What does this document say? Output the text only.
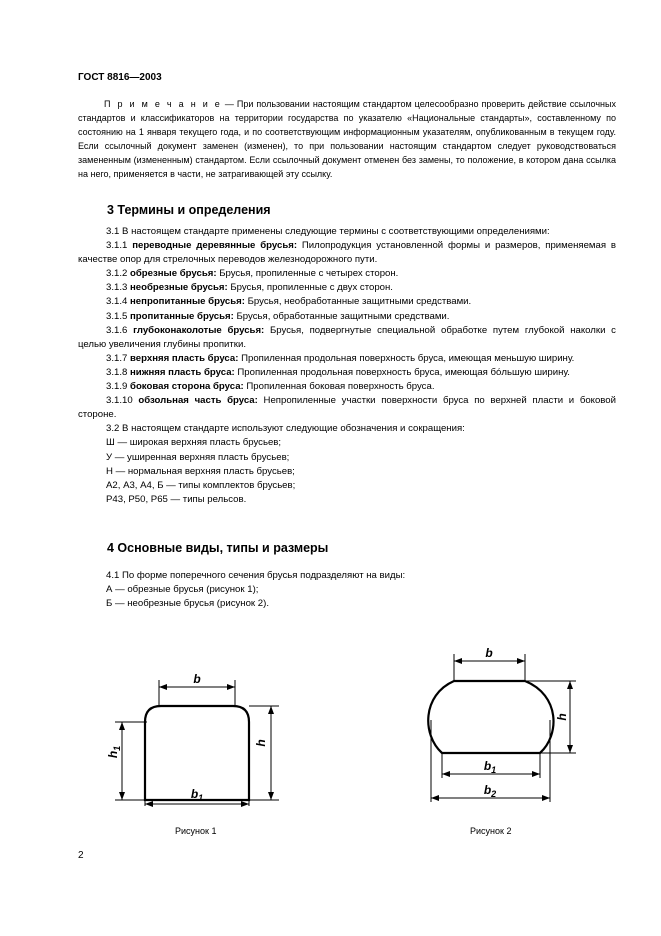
ГОСТ 8816—2003

П р и м е ч а н и е — При пользовании настоящим стандартом целесообразно проверить действие ссылочных стандартов и классификаторов на территории государства по указателю «Национальные стандарты», составленному по состоянию на 1 января текущего года, и по соответствующим информационным указателям, опубликованным в текущем году. Если ссылочный документ заменен (изменен), то при пользовании настоящим стандартом следует руководствоваться замененным (измененным) стандартом. Если ссылочный документ отменен без замены, то положение, в котором дана ссылка на него, применяется в части, не затрагивающей эту ссылку.

3 Термины и определения

3.1 В настоящем стандарте применены следующие термины с соответствующими определениями:

3.1.1 переводные деревянные брусья: Пилопродукция установленной формы и размеров, применяемая в качестве опор для стрелочных переводов железнодорожного пути.

3.1.2 обрезные брусья: Брусья, пропиленные с четырех сторон.

3.1.3 необрезные брусья: Брусья, пропиленные с двух сторон.

3.1.4 непропитанные брусья: Брусья, необработанные защитными средствами.

3.1.5 пропитанные брусья: Брусья, обработанные защитными средствами.

3.1.6 глубоконаколотые брусья: Брусья, подвергнутые специальной обработке путем глубокой наколки с целью увеличения глубины пропитки.

3.1.7 верхняя пласть бруса: Пропиленная продольная поверхность бруса, имеющая меньшую ширину.

3.1.8 нижняя пласть бруса: Пропиленная продольная поверхность бруса, имеющая бо́льшую ширину.

3.1.9 боковая сторона бруса: Пропиленная боковая поверхность бруса.

3.1.10 обзольная часть бруса: Непропиленные участки поверхности бруса по верхней пласти и боковой стороне.

3.2 В настоящем стандарте используют следующие обозначения и сокращения:

Ш — широкая верхняя пласть брусьев;

У — уширенная верхняя пласть брусьев;

Н — нормальная верхняя пласть брусьев;

А2, А3, А4, Б — типы комплектов брусьев;

Р43, Р50, Р65 — типы рельсов.

4 Основные виды, типы и размеры

4.1 По форме поперечного сечения брусья подразделяют на виды:

А — обрезные брусья (рисунок 1);

Б — необрезные брусья (рисунок 2).

b
$b_1$
h
$h_1$
Рисунок 1
b
$b_1$
$b_2$
h
Рисунок 2
2
